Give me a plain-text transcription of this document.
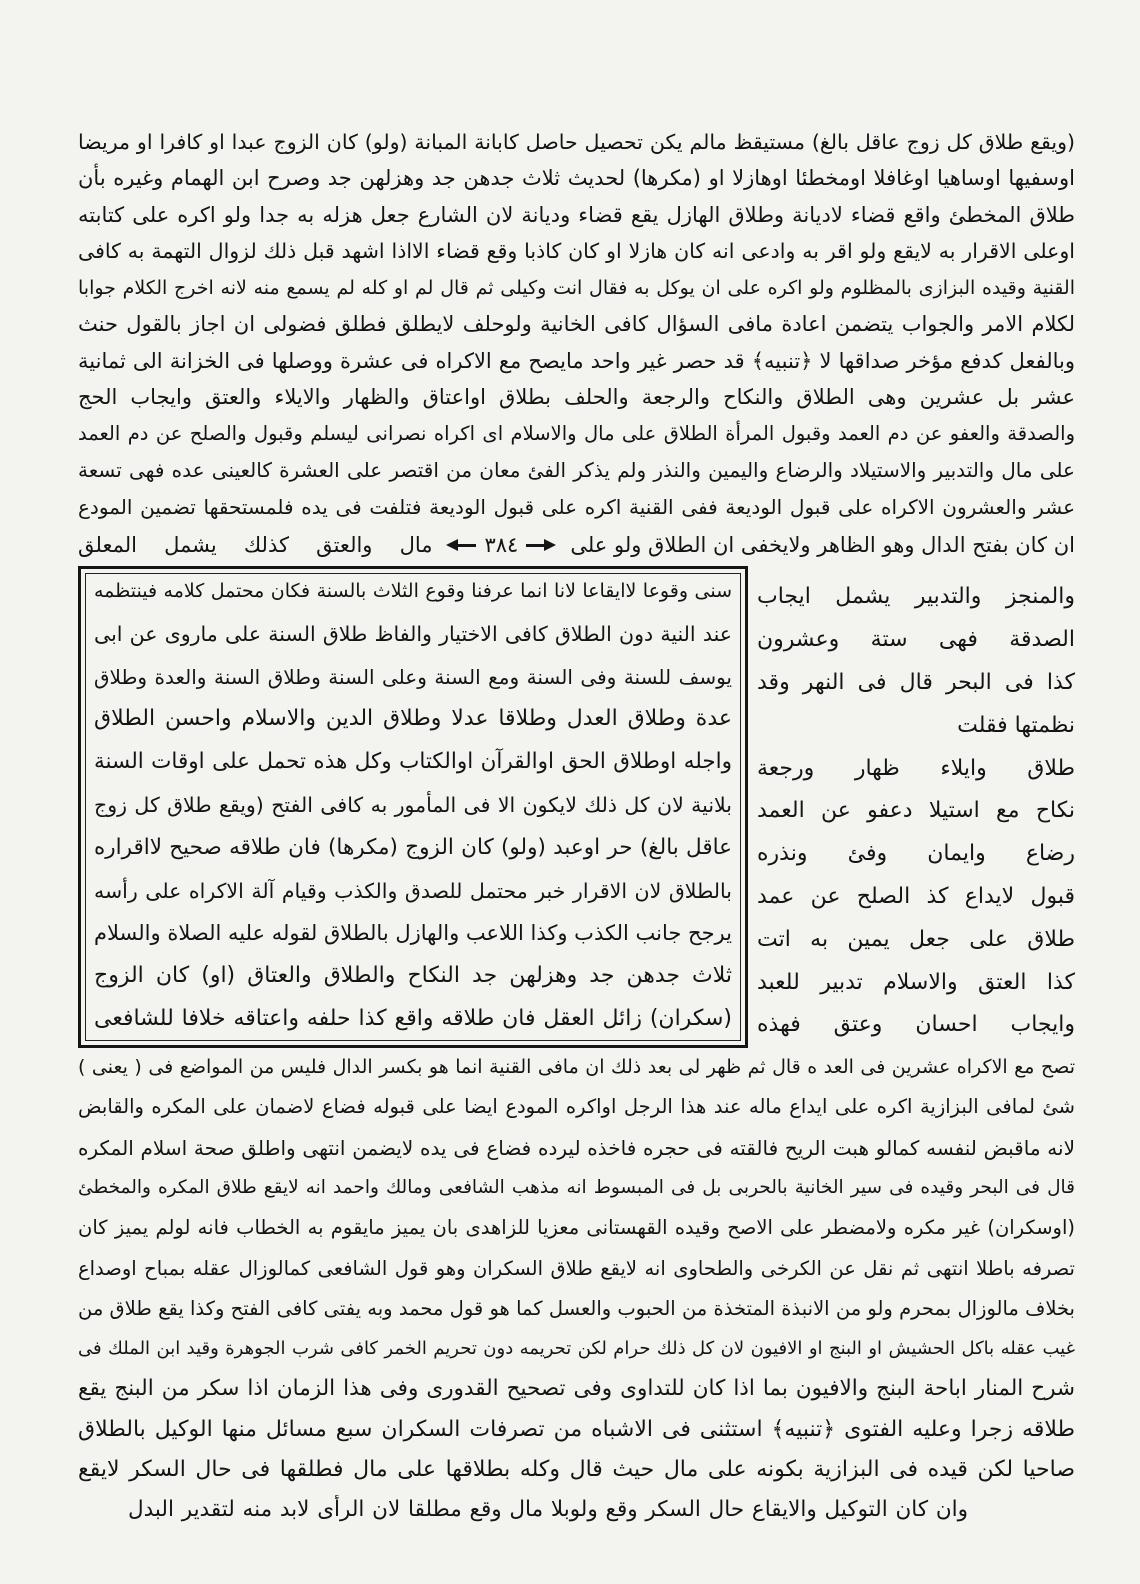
(ويقع طلاق كل زوج عاقل بالغ) مستيقظ مالم يكن تحصيل حاصل كابانة المبانة (ولو) كان الزوج عبدا او كافرا او مريضا
اوسفيها اوساهيا اوغافلا اومخطئا اوهازلا او (مكرها) لحديث ثلاث جدهن جد وهزلهن جد وصرح ابن الهمام وغيره بأن
طلاق المخطئ واقع قضاء لاديانة وطلاق الهازل يقع قضاء وديانة لان الشارع جعل هزله به جدا ولو اكره على كتابته
اوعلى الاقرار به لايقع ولو اقر به وادعى انه كان هازلا او كان كاذبا وقع قضاء الااذا اشهد قبل ذلك لزوال التهمة به كافى
القنية وقيده البزازى بالمظلوم ولو اكره على ان يوكل به فقال انت وكيلى ثم قال لم او كله لم يسمع منه لانه اخرج الكلام جوابا
لكلام الامر والجواب يتضمن اعادة مافى السؤال كافى الخانية ولوحلف لايطلق فطلق فضولى ان اجاز بالقول حنث
وبالفعل كدفع مؤخر صداقها لا ﴿تنبيه﴾ قد حصر غير واحد مايصح مع الاكراه فى عشرة ووصلها فى الخزانة الى ثمانية
عشر بل عشرين وهى الطلاق والنكاح والرجعة والحلف بطلاق اواعتاق والظهار والايلاء والعتق وايجاب الحج
والصدقة والعفو عن دم العمد وقبول المرأة الطلاق على مال والاسلام اى اكراه نصرانى ليسلم وقبول والصلح عن دم العمد
على مال والتدبير والاستيلاد والرضاع واليمين والنذر ولم يذكر الفئ معان من اقتصر على العشرة كالعينى عده فهى تسعة
عشر والعشرون الاكراه على قبول الوديعة ففى القنية اكره على قبول الوديعة فتلفت فى يده فلمستحقها تضمين المودع
ان كان بفتح الدال وهو الظاهر ولايخفى ان الطلاق ولو على
٣٨٤
مال والعتق كذلك يشمل المعلق
والمنجز والتدبير يشمل ايجاب
الصدقة فهى ستة وعشرون
كذا فى البحر قال فى النهر وقد
نظمتها فقلت
طلاق وايلاء ظهار ورجعة
نكاح مع استيلا دعفو عن العمد
رضاع وايمان وفئ ونذره
قبول لايداع كذ الصلح عن عمد
طلاق على جعل يمين به اتت
كذا العتق والاسلام تدبير للعبد
وايجاب احسان وعتق فهذه
سنى وقوعا لاايقاعا لانا انما عرفنا وقوع الثلاث بالسنة فكان محتمل كلامه فينتظمه
عند النية دون الطلاق كافى الاختيار والفاظ طلاق السنة على ماروى عن ابى
يوسف للسنة وفى السنة ومع السنة وعلى السنة وطلاق السنة والعدة وطلاق
عدة وطلاق العدل وطلاقا عدلا وطلاق الدين والاسلام واحسن الطلاق
واجله اوطلاق الحق اوالقرآن اوالكتاب وكل هذه تحمل على اوقات السنة
بلانية لان كل ذلك لايكون الا فى المأمور به كافى الفتح (ويقع طلاق كل زوج
عاقل بالغ) حر اوعبد (ولو) كان الزوج (مكرها) فان طلاقه صحيح لااقراره
بالطلاق لان الاقرار خبر محتمل للصدق والكذب وقيام آلة الاكراه على رأسه
يرجح جانب الكذب وكذا اللاعب والهازل بالطلاق لقوله عليه الصلاة والسلام
ثلاث جدهن جد وهزلهن جد النكاح والطلاق والعتاق (او) كان الزوج
(سكران) زائل العقل فان طلاقه واقع كذا حلفه واعتاقه خلافا للشافعى
تصح مع الاكراه عشرين فى العد ه قال ثم ظهر لى بعد ذلك ان مافى القنية انما هو بكسر الدال فليس من المواضع فى ( يعنى )
شئ لمافى البزازية اكره على ايداع ماله عند هذا الرجل اواكره المودع ايضا على قبوله فضاع لاضمان على المكره والقابض
لانه ماقبض لنفسه كمالو هبت الريح فالقته فى حجره فاخذه ليرده فضاع فى يده لايضمن انتهى واطلق صحة اسلام المكره
قال فى البحر وقيده فى سير الخانية بالحربى بل فى المبسوط انه مذهب الشافعى ومالك واحمد انه لايقع طلاق المكره والمخطئ
(اوسكران) غير مكره ولامضطر على الاصح وقيده القهستانى معزيا للزاهدى بان يميز مايقوم به الخطاب فانه لولم يميز كان
تصرفه باطلا انتهى ثم نقل عن الكرخى والطحاوى انه لايقع طلاق السكران وهو قول الشافعى كمالوزال عقله بمباح اوصداع
بخلاف مالوزال بمحرم ولو من الانبذة المتخذة من الحبوب والعسل كما هو قول محمد وبه يفتى كافى الفتح وكذا يقع طلاق من
غيب عقله باكل الحشيش او البنج او الافيون لان كل ذلك حرام لكن تحريمه دون تحريم الخمر كافى شرب الجوهرة وقيد ابن الملك فى
شرح المنار اباحة البنج والافيون بما اذا كان للتداوى وفى تصحيح القدورى وفى هذا الزمان اذا سكر من البنج يقع
طلاقه زجرا وعليه الفتوى ﴿تنبيه﴾ استثنى فى الاشباه من تصرفات السكران سبع مسائل منها الوكيل بالطلاق
صاحيا لكن قيده فى البزازية بكونه على مال حيث قال وكله بطلاقها على مال فطلقها فى حال السكر لايقع
وان كان التوكيل والايقاع حال السكر وقع ولوبلا مال وقع مطلقا لان الرأى لابد منه لتقدير البدل
